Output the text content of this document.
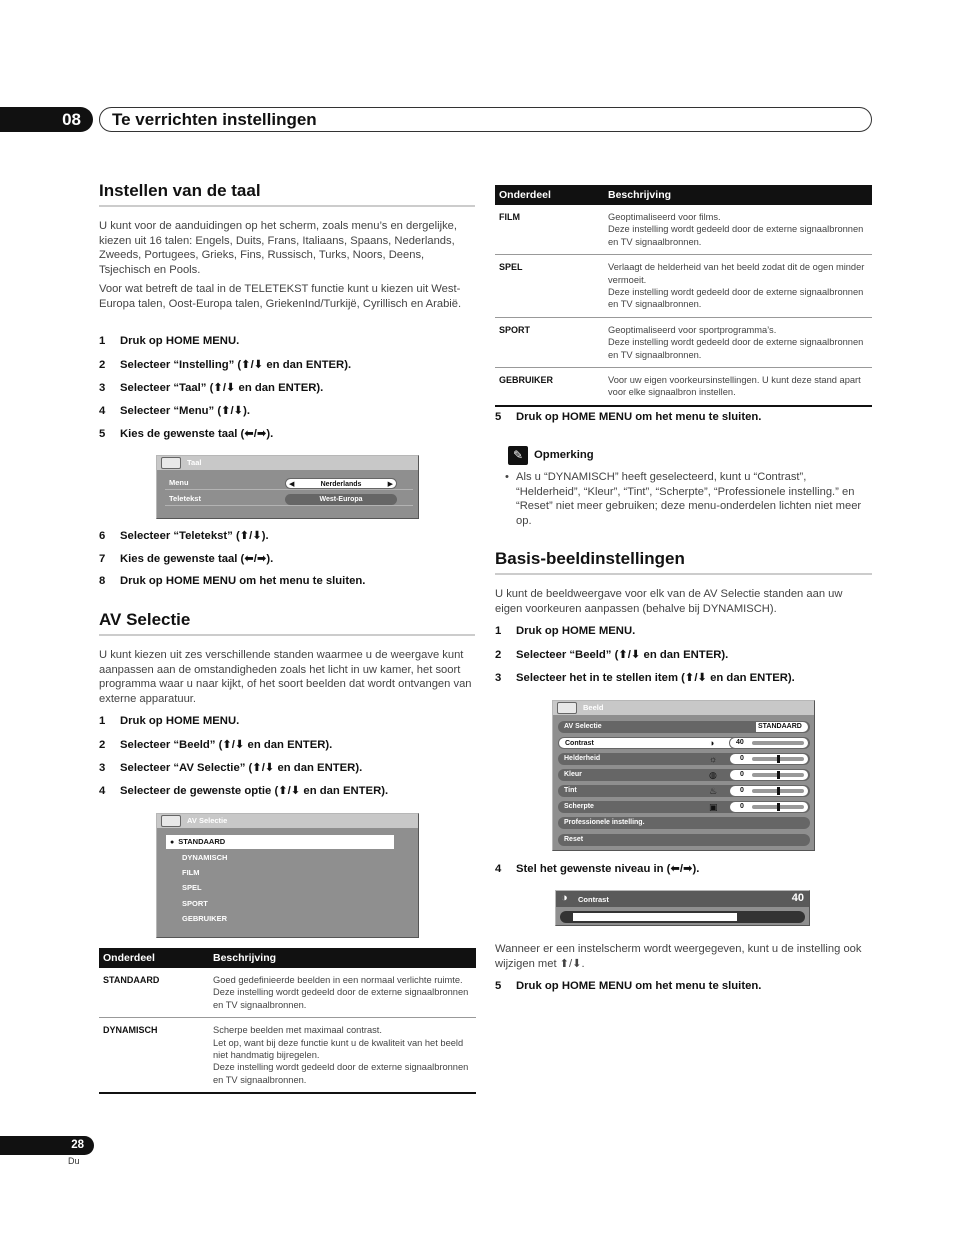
08	Te verrichten instellingen
Instellen van de taal

U kunt voor de aanduidingen op het scherm, zoals menu’s en dergelijke, kiezen uit 16 talen: Engels, Duits, Frans, Italiaans, Spaans, Nederlands, Zweeds, Portugees, Grieks, Fins, Russisch, Turks, Noors, Deens, Tsjechisch en Pools.

Voor wat betreft de taal in de TELETEKST functie kunt u kiezen uit West-Europa talen, Oost-Europa talen, GriekenInd/Turkijë, Cyrillisch en Arabië.

1 Druk op HOME MENU.
2 Selecteer “Instelling” (⬆/⬇ en dan ENTER).
3 Selecteer “Taal” (⬆/⬇ en dan ENTER).
4 Selecteer “Menu” (⬆/⬇).
5 Kies de gewenste taal (⬅/➡).
Taal
Menu	◀	Nerderlands	▶
Teletekst	West-Europa
6 Selecteer “Teletekst” (⬆/⬇).
7 Kies de gewenste taal (⬅/➡).
8 Druk op HOME MENU om het menu te sluiten.
AV Selectie

U kunt kiezen uit zes verschillende standen waarmee u de weergave kunt aanpassen aan de omstandigheden zoals het licht in uw kamer, het soort programma waar u naar kijkt, of het soort beelden dat wordt ontvangen van externe apparatuur.

1 Druk op HOME MENU.
2 Selecteer “Beeld” (⬆/⬇ en dan ENTER).
3 Selecteer “AV Selectie” (⬆/⬇ en dan ENTER).
4 Selecteer de gewenste optie (⬆/⬇ en dan ENTER).
AV Selectie
● STANDAARD
DYNAMISCH
FILM
SPEL
SPORT
GEBRUIKER
Onderdeel	Beschrijving
STANDAARD	Goed gedefinieerde beelden in een normaal verlichte ruimte.
Deze instelling wordt gedeeld door de externe signaalbronnen en TV signaalbronnen.

DYNAMISCH	Scherpe beelden met maximaal contrast.
Let op, want bij deze functie kunt u de kwaliteit van het beeld niet handmatig bijregelen.
Deze instelling wordt gedeeld door de externe signaalbronnen en TV signaalbronnen.
Onderdeel	Beschrijving
FILM	Geoptimaliseerd voor films.
Deze instelling wordt gedeeld door de externe signaalbronnen en TV signaalbronnen.

SPEL	Verlaagt de helderheid van het beeld zodat dit de ogen minder vermoeit.
Deze instelling wordt gedeeld door de externe signaalbronnen en TV signaalbronnen.

SPORT	Geoptimaliseerd voor sportprogramma’s.
Deze instelling wordt gedeeld door de externe signaalbronnen en TV signaalbronnen.

GEBRUIKER	Voor uw eigen voorkeursinstellingen. U kunt deze stand apart voor elke signaalbron instellen.
5 Druk op HOME MENU om het menu te sluiten.
✎ Opmerking
• Als u “DYNAMISCH” heeft geselecteerd, kunt u “Contrast”, “Helderheid”, “Kleur”, “Tint”, “Scherpte”, “Professionele instelling.” en “Reset” niet meer gebruiken; deze menu-onderdelen lichten niet meer op.

Basis-beeldinstellingen

U kunt de beeldweergave voor elk van de AV Selectie standen aan uw eigen voorkeuren aanpassen (behalve bij DYNAMISCH).

1 Druk op HOME MENU.
2 Selecteer “Beeld” (⬆/⬇ en dan ENTER).
3 Selecteer het in te stellen item (⬆/⬇ en dan ENTER).
Beeld
AV Selectie	STANDAARD
Contrast	◑	40
Helderheid	☼	0
Kleur	◍	0
Tint	♨	0
Scherpte	▣	0
Professionele instelling.
Reset
4 Stel het gewenste niveau in (⬅/➡).
◑ Contrast	40

Wanneer er een instelscherm wordt weergegeven, kunt u de instelling ook wijzigen met ⬆/⬇.

5 Druk op HOME MENU om het menu te sluiten.
28
Du
